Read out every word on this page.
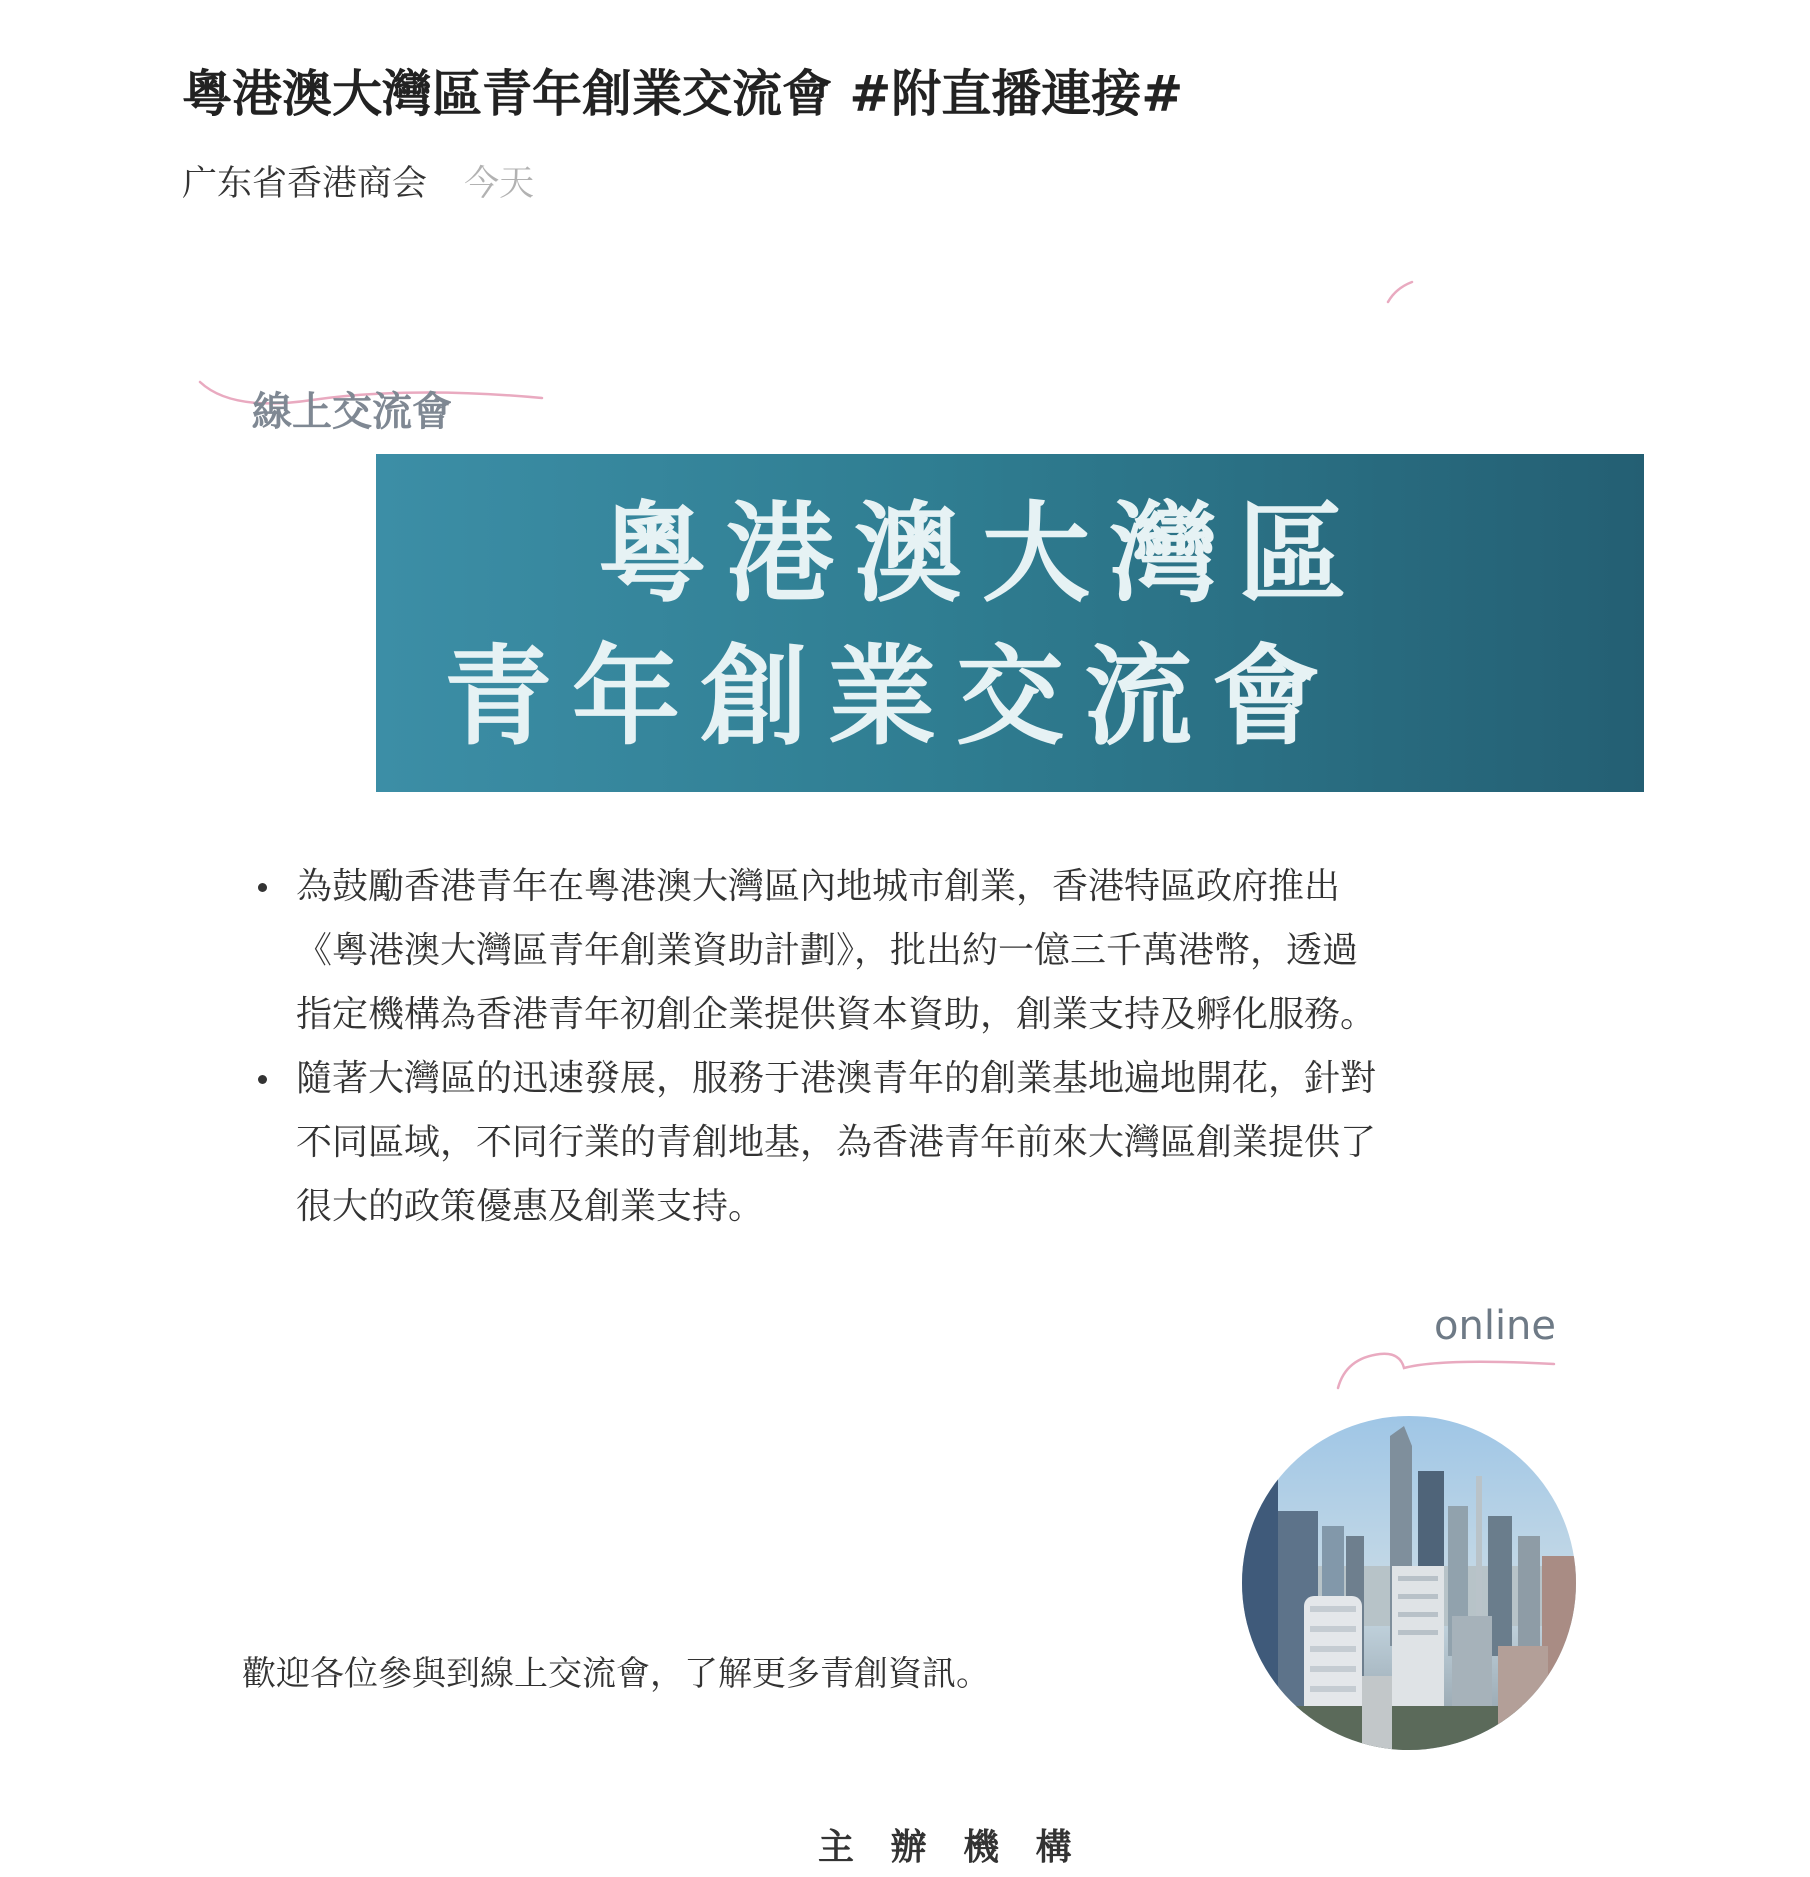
粵港澳大灣區青年創業交流會 #附直播連接#
广东省香港商会 今天
線上交流會
粵港澳大灣區
青年創業交流會
為鼓勵香港青年在粵港澳大灣區內地城市創業，香港特區政府推出《粵港澳大灣區青年創業資助計劃》，批出約一億三千萬港幣，透過指定機構為香港青年初創企業提供資本資助，創業支持及孵化服務。
隨著大灣區的迅速發展，服務于港澳青年的創業基地遍地開花，針對不同區域，不同行業的青創地基，為香港青年前來大灣區創業提供了很大的政策優惠及創業支持。
online
歡迎各位參與到線上交流會，了解更多青創資訊。
主 辦 機 構
